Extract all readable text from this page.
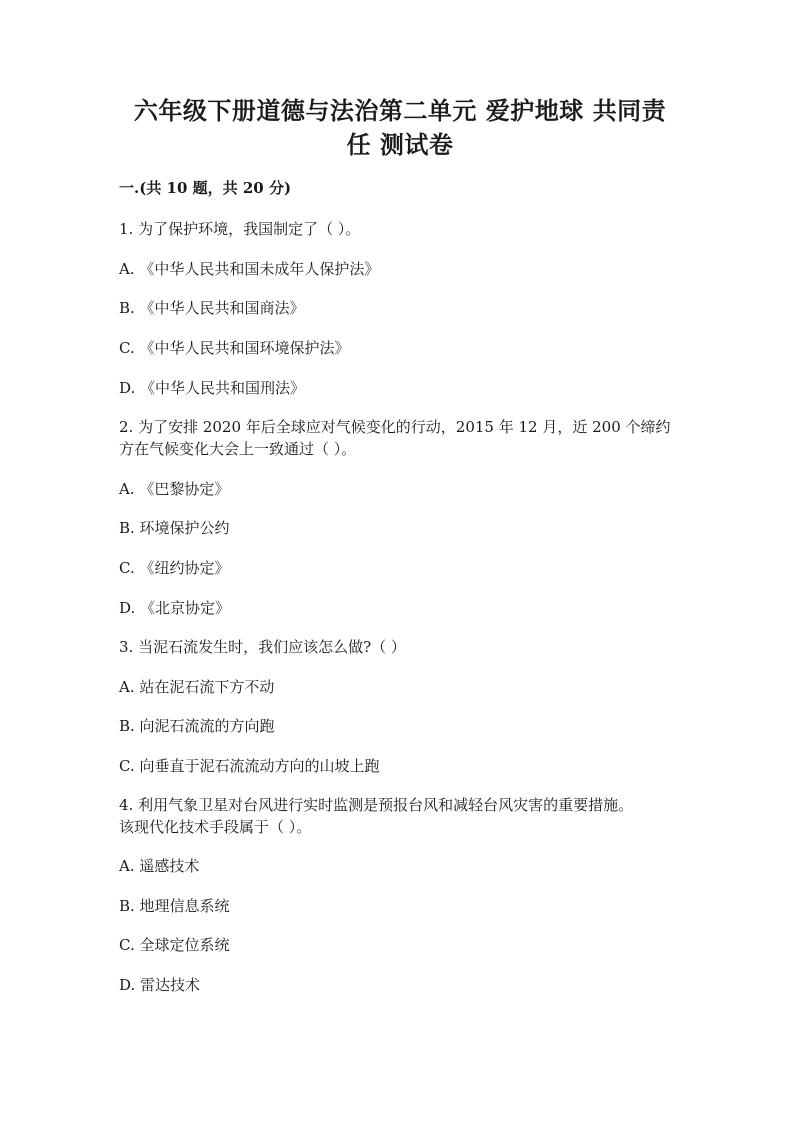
六年级下册道德与法治第二单元 爱护地球 共同责
任 测试卷
一.(共 10 题，共 20 分)
1. 为了保护环境，我国制定了（ ）。
A. 《中华人民共和国未成年人保护法》
B. 《中华人民共和国商法》
C. 《中华人民共和国环境保护法》
D. 《中华人民共和国刑法》
2. 为了安排 2020 年后全球应对气候变化的行动，2015 年 12 月，近 200 个缔约
方在气候变化大会上一致通过（ ）。
A. 《巴黎协定》
B. 环境保护公约
C. 《纽约协定》
D. 《北京协定》
3. 当泥石流发生时，我们应该怎么做?（ ）
A. 站在泥石流下方不动
B. 向泥石流流的方向跑
C. 向垂直于泥石流流动方向的山坡上跑
4. 利用气象卫星对台风进行实时监测是预报台风和减轻台风灾害的重要措施。
该现代化技术手段属于（ ）。
A. 遥感技术
B. 地理信息系统
C. 全球定位系统
D. 雷达技术
